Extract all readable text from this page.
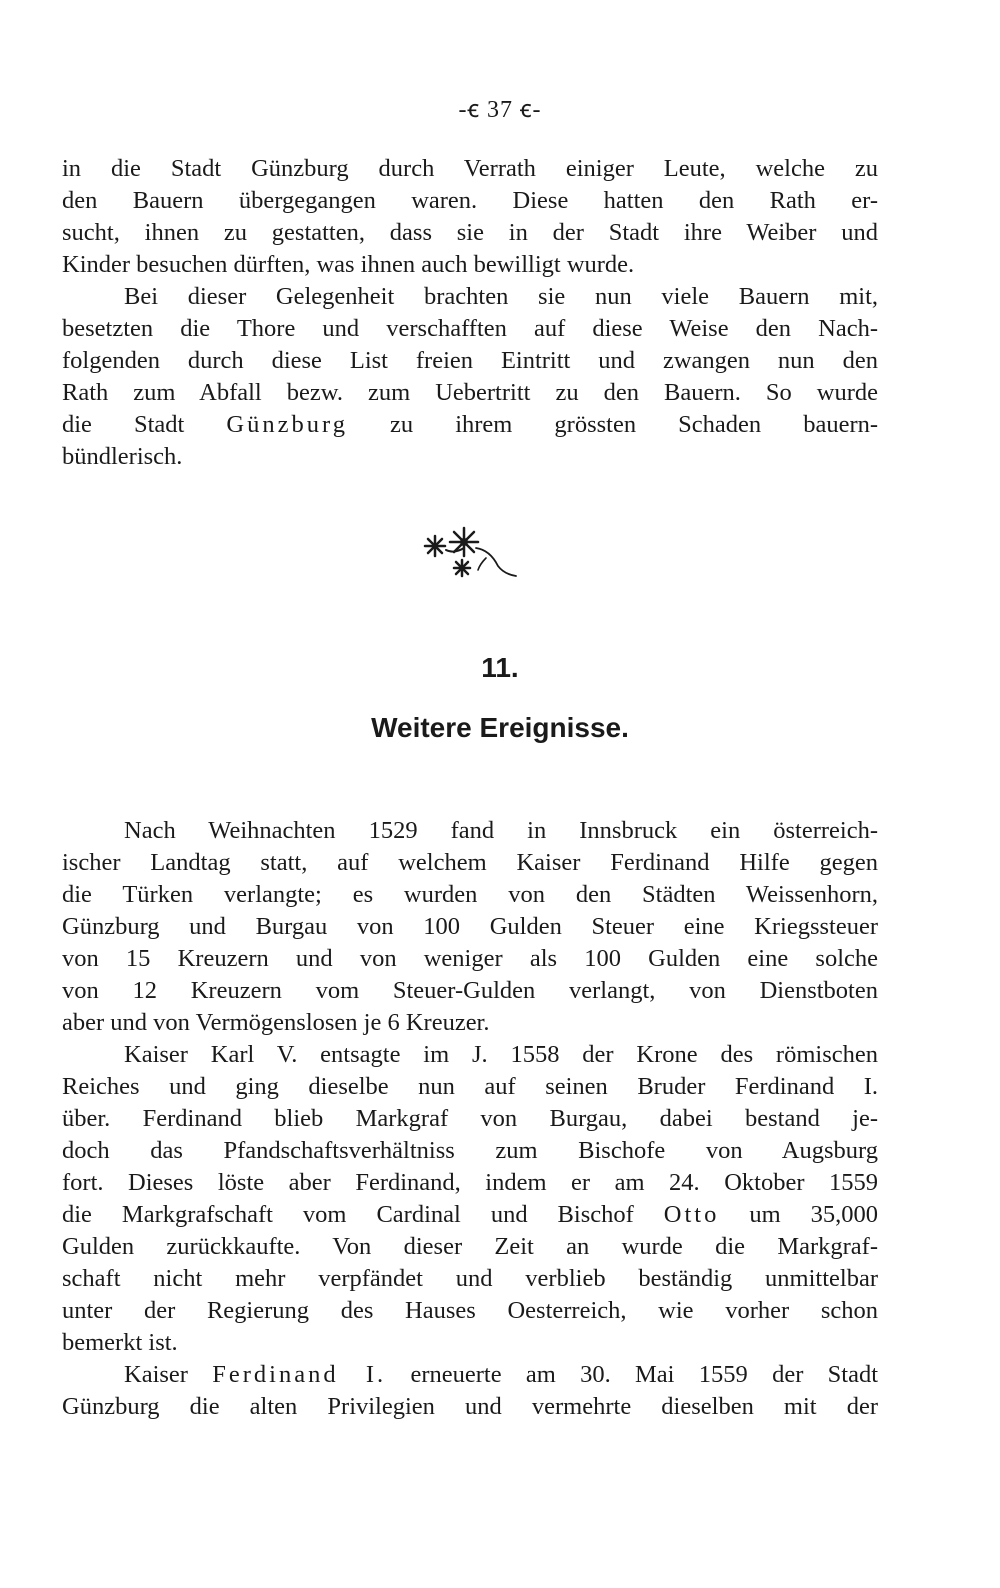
-ꞓ 37 ꞓ-
in die Stadt Günzburg durch Verrath einiger Leute, welche zu
den Bauern übergegangen waren. Diese hatten den Rath er-
sucht, ihnen zu gestatten, dass sie in der Stadt ihre Weiber und
Kinder besuchen dürften, was ihnen auch bewilligt wurde.
Bei dieser Gelegenheit brachten sie nun viele Bauern mit,
besetzten die Thore und verschafften auf diese Weise den Nach-
folgenden durch diese List freien Eintritt und zwangen nun den
Rath zum Abfall bezw. zum Uebertritt zu den Bauern. So wurde
die Stadt Günzburg zu ihrem grössten Schaden bauern-
bündlerisch.
11.
Weitere Ereignisse.
Nach Weihnachten 1529 fand in Innsbruck ein österreich-
ischer Landtag statt, auf welchem Kaiser Ferdinand Hilfe gegen
die Türken verlangte; es wurden von den Städten Weissenhorn,
Günzburg und Burgau von 100 Gulden Steuer eine Kriegssteuer
von 15 Kreuzern und von weniger als 100 Gulden eine solche
von 12 Kreuzern vom Steuer-Gulden verlangt, von Dienstboten
aber und von Vermögenslosen je 6 Kreuzer.
Kaiser Karl V. entsagte im J. 1558 der Krone des römischen
Reiches und ging dieselbe nun auf seinen Bruder Ferdinand I.
über. Ferdinand blieb Markgraf von Burgau, dabei bestand je-
doch das Pfandschaftsverhältniss zum Bischofe von Augsburg
fort. Dieses löste aber Ferdinand, indem er am 24. Oktober 1559
die Markgrafschaft vom Cardinal und Bischof Otto um 35,000
Gulden zurückkaufte. Von dieser Zeit an wurde die Markgraf-
schaft nicht mehr verpfändet und verblieb beständig unmittelbar
unter der Regierung des Hauses Oesterreich, wie vorher schon
bemerkt ist.
Kaiser Ferdinand I. erneuerte am 30. Mai 1559 der Stadt
Günzburg die alten Privilegien und vermehrte dieselben mit der
